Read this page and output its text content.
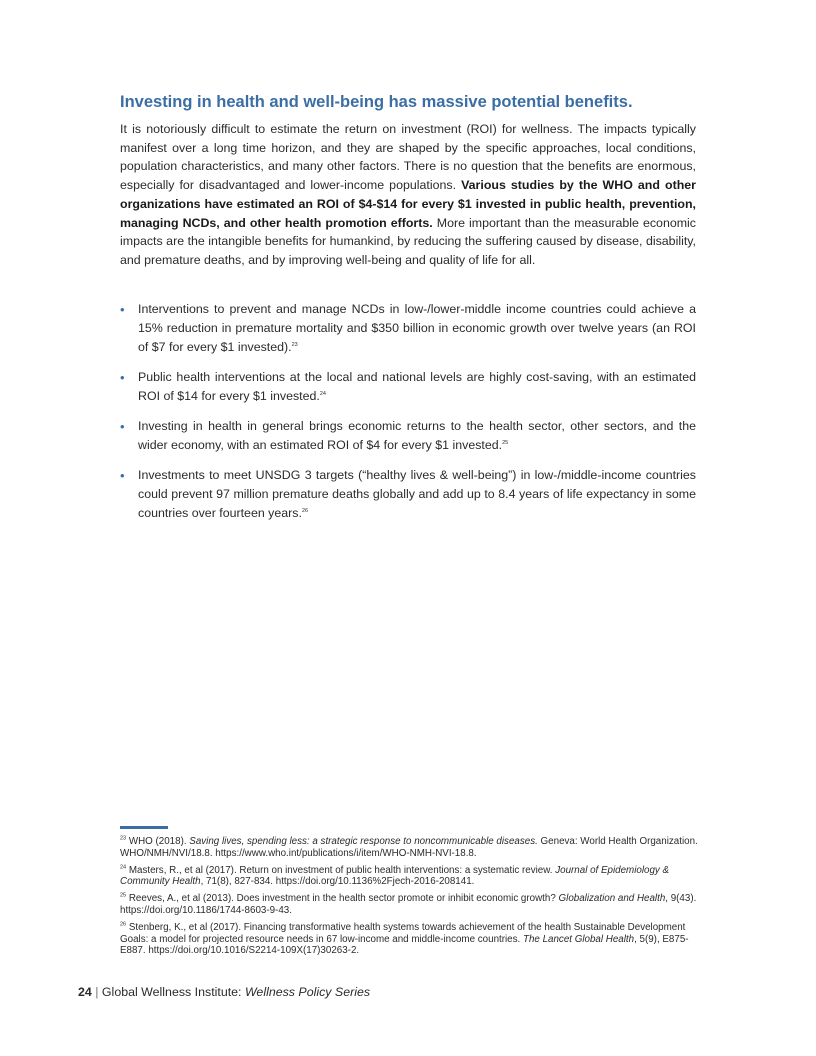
Investing in health and well-being has massive potential benefits.

It is notoriously difficult to estimate the return on investment (ROI) for wellness. The impacts typically manifest over a long time horizon, and they are shaped by the specific approaches, local conditions, population characteristics, and many other factors. There is no question that the benefits are enormous, especially for disadvantaged and lower-income populations. Various studies by the WHO and other organizations have estimated an ROI of $4-$14 for every $1 invested in public health, prevention, managing NCDs, and other health promotion efforts. More important than the measurable economic impacts are the intangible benefits for humankind, by reducing the suffering caused by disease, disability, and premature deaths, and by improving well-being and quality of life for all.

• Interventions to prevent and manage NCDs in low-/lower-middle income countries could achieve a 15% reduction in premature mortality and $350 billion in economic growth over twelve years (an ROI of $7 for every $1 invested).$^{23}$
• Public health interventions at the local and national levels are highly cost-saving, with an estimated ROI of $14 for every $1 invested.$^{24}$
• Investing in health in general brings economic returns to the health sector, other sectors, and the wider economy, with an estimated ROI of $4 for every $1 invested.$^{25}$
• Investments to meet UNSDG 3 targets (“healthy lives & well-being”) in low-/middle-income countries could prevent 97 million premature deaths globally and add up to 8.4 years of life expectancy in some countries over fourteen years.$^{26}$

$^{23}$ WHO (2018). Saving lives, spending less: a strategic response to noncommunicable diseases. Geneva: World Health Organization. WHO/NMH/NVI/18.8. https://www.who.int/publications/i/item/WHO-NMH-NVI-18.8.

$^{24}$ Masters, R., et al (2017). Return on investment of public health interventions: a systematic review. Journal of Epidemiology & Community Health, 71(8), 827-834. https://doi.org/10.1136%2Fjech-2016-208141.

$^{25}$ Reeves, A., et al (2013). Does investment in the health sector promote or inhibit economic growth? Globalization and Health, 9(43). https://doi.org/10.1186/1744-8603-9-43.

$^{26}$ Stenberg, K., et al (2017). Financing transformative health systems towards achievement of the health Sustainable Development Goals: a model for projected resource needs in 67 low-income and middle-income countries. The Lancet Global Health, 5(9), E875-E887. https://doi.org/10.1016/S2214-109X(17)30263-2.

24 | Global Wellness Institute: Wellness Policy Series
